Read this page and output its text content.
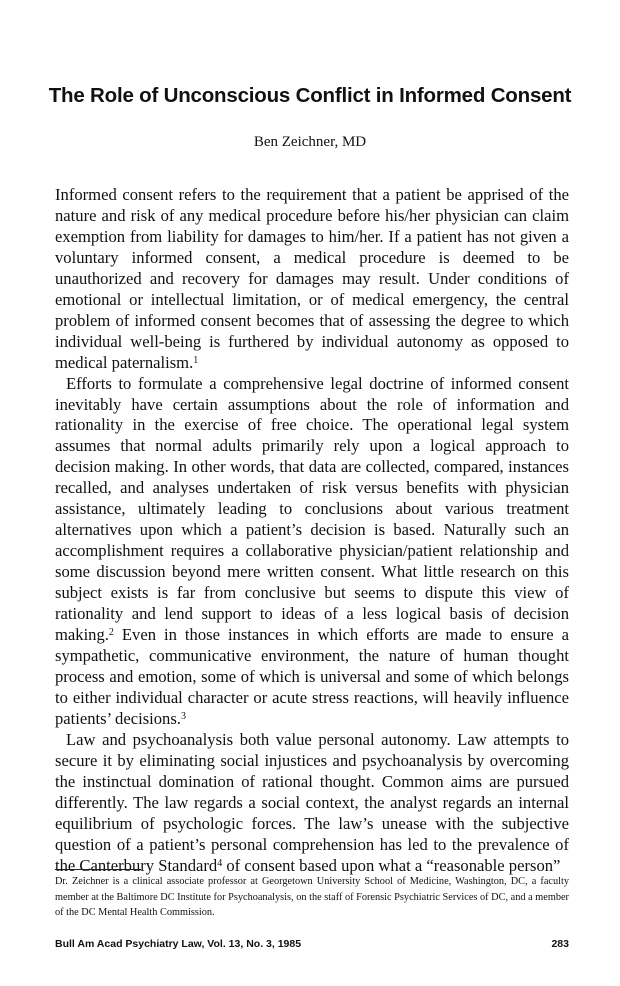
The Role of Unconscious Conflict in Informed Consent
Ben Zeichner, MD

Informed consent refers to the requirement that a patient be apprised of the nature and risk of any medical procedure before his/her physician can claim exemption from liability for damages to him/her. If a patient has not given a voluntary informed consent, a medical procedure is deemed to be unauthorized and recovery for damages may result. Under conditions of emotional or intellectual limitation, or of medical emergency, the central problem of informed consent becomes that of assessing the degree to which individual well-being is furthered by individual autonomy as opposed to medical paternalism.$^1$

Efforts to formulate a comprehensive legal doctrine of informed consent inevitably have certain assumptions about the role of information and rationality in the exercise of free choice. The operational legal system assumes that normal adults primarily rely upon a logical approach to decision making. In other words, that data are collected, compared, instances recalled, and analyses undertaken of risk versus benefits with physician assistance, ultimately leading to conclusions about various treatment alternatives upon which a patient’s decision is based. Naturally such an accomplishment requires a collaborative physician/patient relationship and some discussion beyond mere written consent. What little research on this subject exists is far from conclusive but seems to dispute this view of rationality and lend support to ideas of a less logical basis of decision making.$^2$ Even in those instances in which efforts are made to ensure a sympathetic, communicative environment, the nature of human thought process and emotion, some of which is universal and some of which belongs to either individual character or acute stress reactions, will heavily influence patients’ decisions.$^3$

Law and psychoanalysis both value personal autonomy. Law attempts to secure it by eliminating social injustices and psychoanalysis by overcoming the instinctual domination of rational thought. Common aims are pursued differently. The law regards a social context, the analyst regards an internal equilibrium of psychologic forces. The law’s unease with the subjective question of a patient’s personal comprehension has led to the prevalence of the Canterbury Standard$^4$ of consent based upon what a “reasonable person”

Dr. Zeichner is a clinical associate professor at Georgetown University School of Medicine, Washington, DC, a faculty member at the Baltimore DC Institute for Psychoanalysis, on the staff of Forensic Psychiatric Services of DC, and a member of the DC Mental Health Commission.
Bull Am Acad Psychiatry Law, Vol. 13, No. 3, 1985	283
